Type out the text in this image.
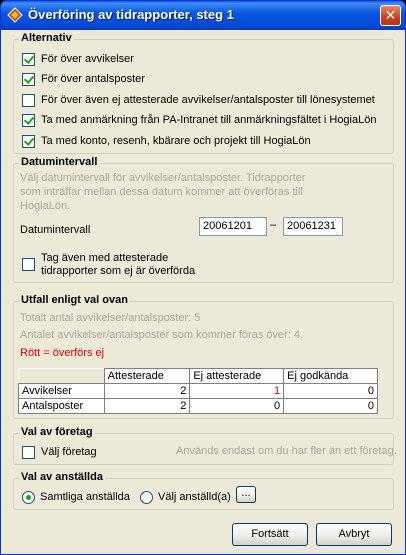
Överföring av tidrapporter, steg 1	✕
Alternativ
För över avvikelser
För över antalsposter
För över även ej attesterade avvikelser/antalsposter till lönesystemet
Ta med anmärkning från PA-Intranet till anmärkningsfältet i HogiaLön
Ta med konto, resenh, kbärare och projekt till HogiaLön
Datumintervall
Välj datumintervall för avvikelser/antalsposter. Tidrapporter
som inträffar mellan dessa datum kommer att överföras till
HogiaLön.
Datumintervall	20061201	– 20061231
Tag även med attesterade
tidrapporter som ej är överförda
Utfall enligt val ovan
Totalt antal avvikelser/antalsposter: 5
Antalet avvikelser/antalsposter som kommer föras över: 4.
Rött = överförs ej
	Attesterade	Ej attesterade	Ej godkända
Avvikelser	2	1	0
Antalsposter	2	0	0
Val av företag
Välj företag	Används endast om du har fler än ett företag.
Val av anställda
Samtliga anställda	Välj anställd(a) ...
Fortsätt	Avbryt
